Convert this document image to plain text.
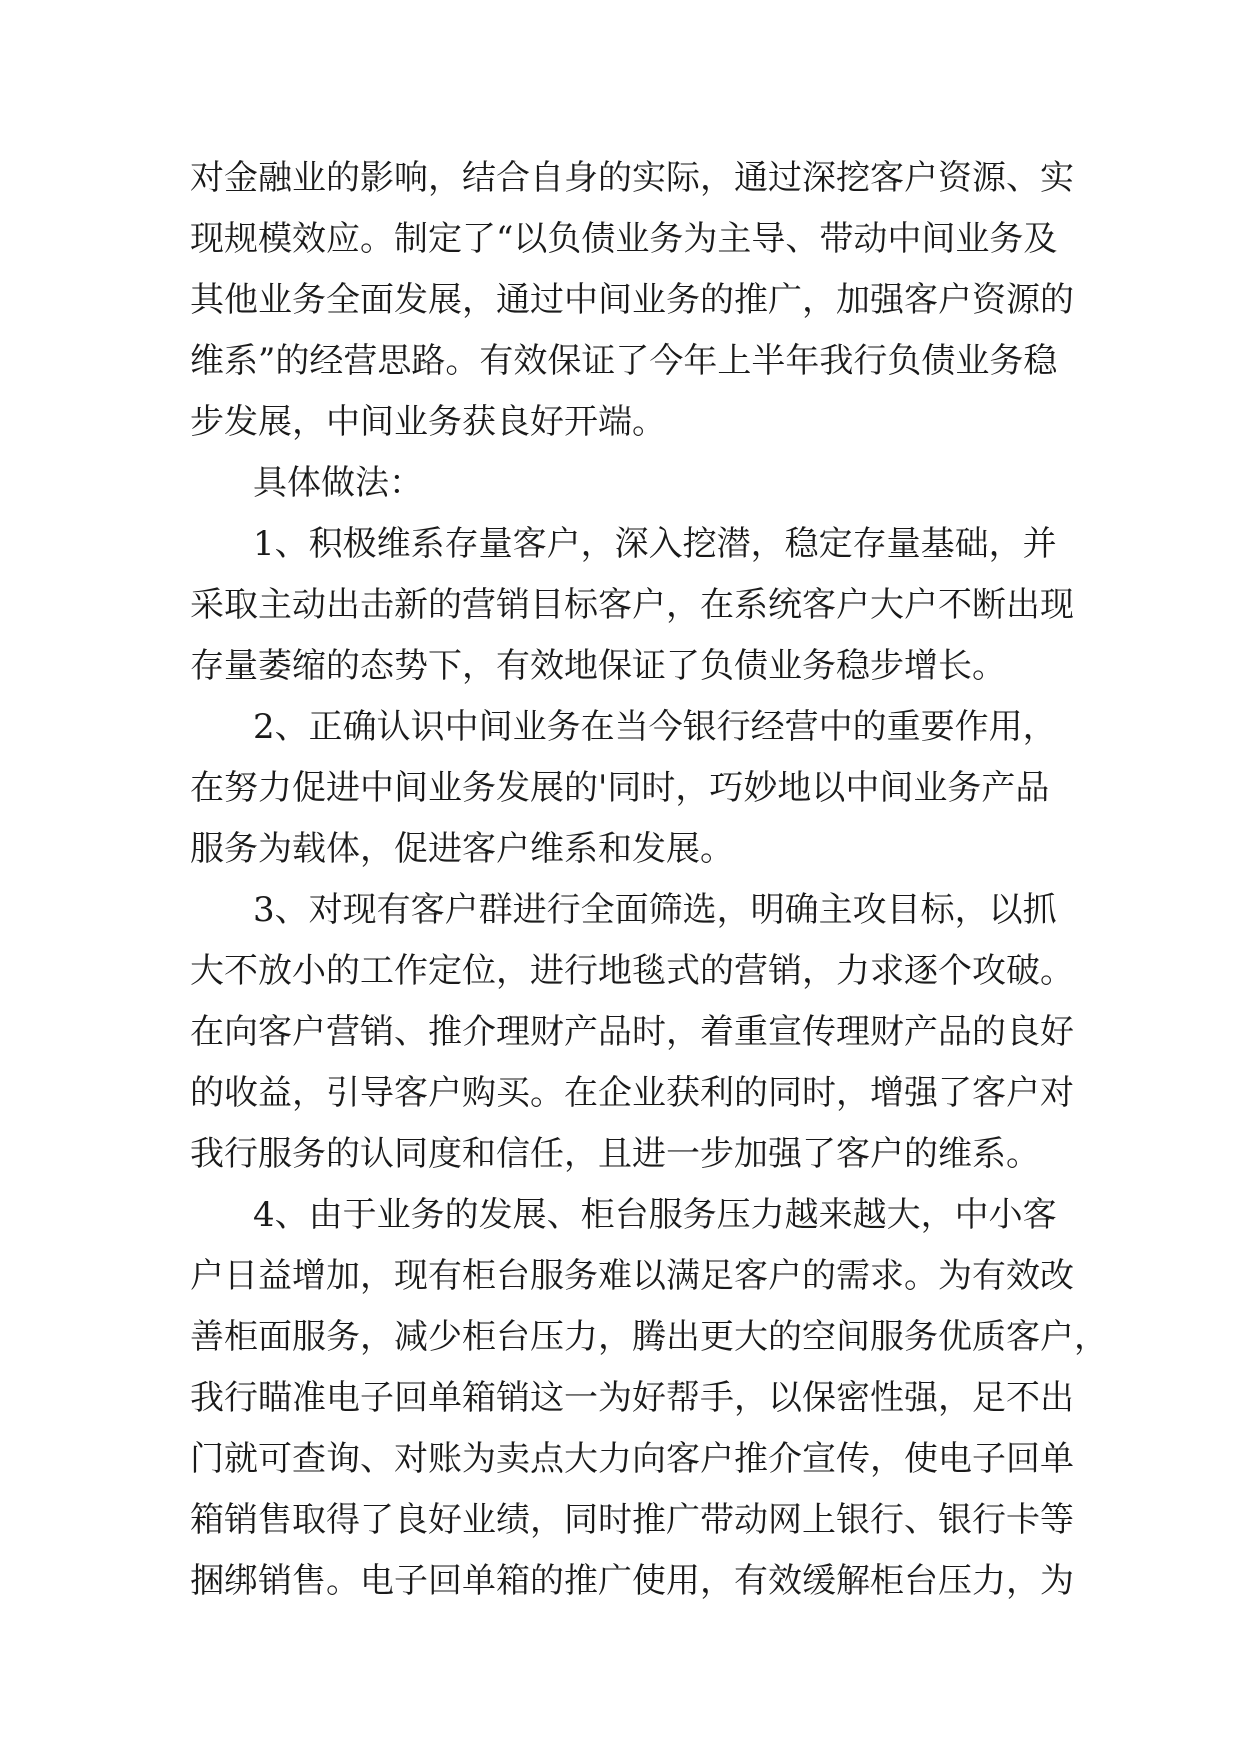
对金融业的影响，结合自身的实际，通过深挖客户资源、实
现规模效应。制定了“以负债业务为主导、带动中间业务及
其他业务全面发展，通过中间业务的推广，加强客户资源的
维系”的经营思路。有效保证了今年上半年我行负债业务稳
步发展，中间业务获良好开端。
具体做法：
1、积极维系存量客户，深入挖潜，稳定存量基础，并
采取主动出击新的营销目标客户，在系统客户大户不断出现
存量萎缩的态势下，有效地保证了负债业务稳步增长。
2、正确认识中间业务在当今银行经营中的重要作用，
在努力促进中间业务发展的'同时，巧妙地以中间业务产品
服务为载体，促进客户维系和发展。
3、对现有客户群进行全面筛选，明确主攻目标，以抓
大不放小的工作定位，进行地毯式的营销，力求逐个攻破。
在向客户营销、推介理财产品时，着重宣传理财产品的良好
的收益，引导客户购买。在企业获利的同时，增强了客户对
我行服务的认同度和信任，且进一步加强了客户的维系。
4、由于业务的发展、柜台服务压力越来越大，中小客
户日益增加，现有柜台服务难以满足客户的需求。为有效改
善柜面服务，减少柜台压力，腾出更大的空间服务优质客户，
我行瞄准电子回单箱销这一为好帮手，以保密性强，足不出
门就可查询、对账为卖点大力向客户推介宣传，使电子回单
箱销售取得了良好业绩，同时推广带动网上银行、银行卡等
捆绑销售。电子回单箱的推广使用，有效缓解柜台压力，为
